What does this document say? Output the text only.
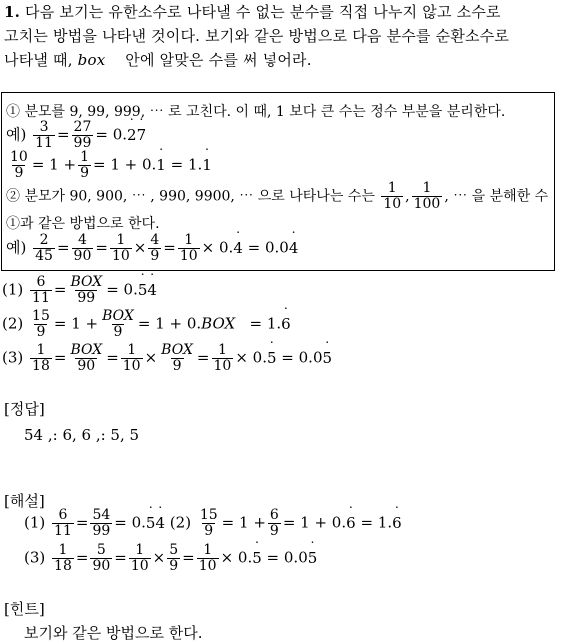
1. 다음 보기는 유한소수로 나타낼 수 없는 분수를 직접 나누지 않고 소수로
고치는 방법을 나타낸 것이다. 보기와 같은 방법으로 다음 분수를 순환소수로
나타낼 때, box 안에 알맞은 수를 써 넣어라.
① 분모를 9, 99, 999, ⋯ 로 고친다. 이 때, 1 보다 큰 수는 정수 부분을 분리한다.
예) $\frac{3}{11} = \frac{27}{99} = 0.2$ ˙7 ˙
$\frac{10}{9} = 1 + \frac{1}{9} = 1 + 0.1$ ˙ = 1.1 ˙
② 분모가 90, 900, ⋯ , 990, 9900, ⋯ 으로 나타나는 수는 $\frac{1}{10}$ , $\frac{1}{100}$ , ⋯ 을 분해한 수
①과 같은 방법으로 한다.
예) $\frac{2}{45} = \frac{4}{90} = \frac{1}{10} \times \frac{4}{9} = \frac{1}{10} \times 0.4$ ˙ = 0.04 ˙
$(1) \frac{6}{11} = \frac{\text{BOX}}{99} = 0.5$ ˙4 ˙
$(2) \frac{15}{9} = 1 + \frac{\text{BOX}}{9} = 1 + 0.BOX = 1.6$ ˙
$(3) \frac{1}{18} = \frac{\text{BOX}}{90} = \frac{1}{10} \times \frac{\text{BOX}}{9} = \frac{1}{10} \times 0.5$ ˙ = 0.05 ˙
[정답]
54 ,: 6, 6 ,: 5, 5
[해설]
$(1) \frac{6}{11} = \frac{54}{99} = 0.5$ ˙4 ˙ $(2) \frac{15}{9} = 1 + \frac{6}{9} = 1 + 0.6$ ˙ = 1.6 ˙
$(3) \frac{1}{18} = \frac{5}{90} = \frac{1}{10} \times \frac{5}{9} = \frac{1}{10} \times 0.5$ ˙ = 0.05 ˙
[힌트]
보기와 같은 방법으로 한다.
